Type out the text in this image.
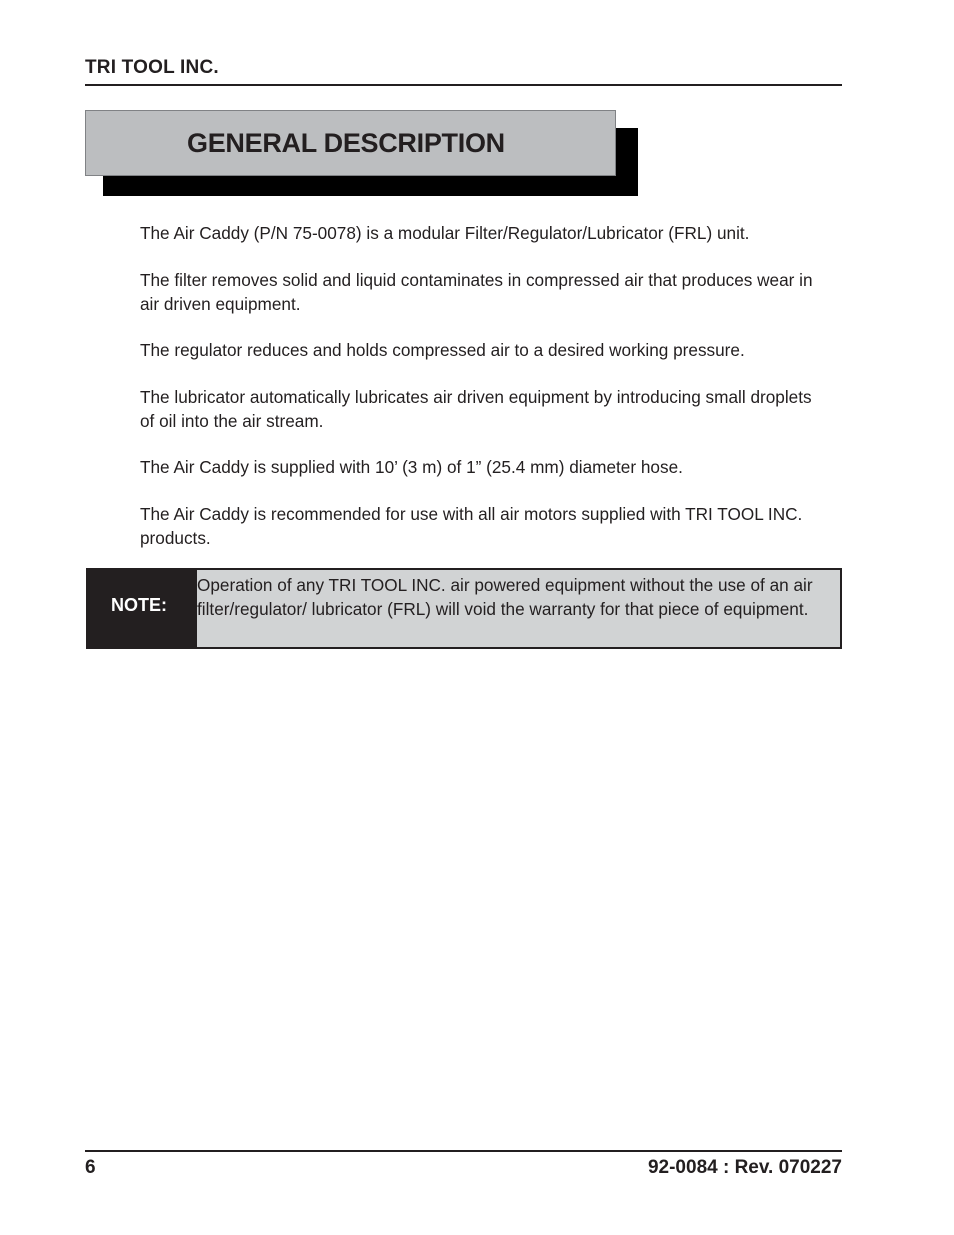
TRI TOOL INC.
GENERAL DESCRIPTION

The Air Caddy (P/N 75-0078) is a modular Filter/Regulator/Lubricator (FRL) unit.

The filter removes solid and liquid contaminates in compressed air that produces wear in air driven equipment.

The regulator reduces and holds compressed air to a desired working pressure.

The lubricator automatically lubricates air driven equipment by introducing small droplets of oil into the air stream.

The Air Caddy is supplied with 10’ (3 m) of 1” (25.4 mm) diameter hose.

The Air Caddy is recommended for use with all air motors supplied with TRI TOOL INC. products.

NOTE:

Operation of any TRI TOOL INC. air powered equipment without the use of an air filter/regulator/ lubricator (FRL) will void the warranty for that piece of equipment.

6	92-0084 : Rev. 070227
